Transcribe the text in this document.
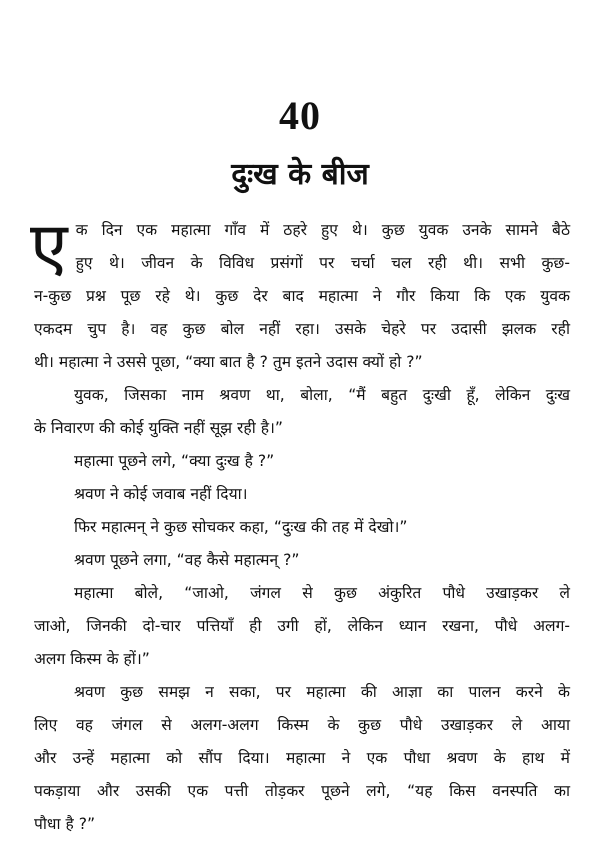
40
दुःख के बीज
ए क दिन एक महात्मा गाँव में ठहरे हुए थे। कुछ युवक उनके सामने बैठे
हुए थे। जीवन के विविध प्रसंगों पर चर्चा चल रही थी। सभी कुछ-
न-कुछ प्रश्न पूछ रहे थे। कुछ देर बाद महात्मा ने गौर किया कि एक युवक
एकदम चुप है। वह कुछ बोल नहीं रहा। उसके चेहरे पर उदासी झलक रही
थी। महात्मा ने उससे पूछा, “क्या बात है ? तुम इतने उदास क्यों हो ?”
युवक, जिसका नाम श्रवण था, बोला, “मैं बहुत दुःखी हूँ, लेकिन दुःख
के निवारण की कोई युक्ति नहीं सूझ रही है।”
महात्मा पूछने लगे, “क्या दुःख है ?”
श्रवण ने कोई जवाब नहीं दिया।
फिर महात्मन् ने कुछ सोचकर कहा, “दुःख की तह में देखो।”
श्रवण पूछने लगा, “वह कैसे महात्मन् ?”
महात्मा बोले, “जाओ, जंगल से कुछ अंकुरित पौधे उखाड़कर ले
जाओ, जिनकी दो-चार पत्तियाँ ही उगी हों, लेकिन ध्यान रखना, पौधे अलग-
अलग किस्म के हों।”
श्रवण कुछ समझ न सका, पर महात्मा की आज्ञा का पालन करने के
लिए वह जंगल से अलग-अलग किस्म के कुछ पौधे उखाड़कर ले आया
और उन्हें महात्मा को सौंप दिया। महात्मा ने एक पौधा श्रवण के हाथ में
पकड़ाया और उसकी एक पत्ती तोड़कर पूछने लगे, “यह किस वनस्पति का
पौधा है ?”
